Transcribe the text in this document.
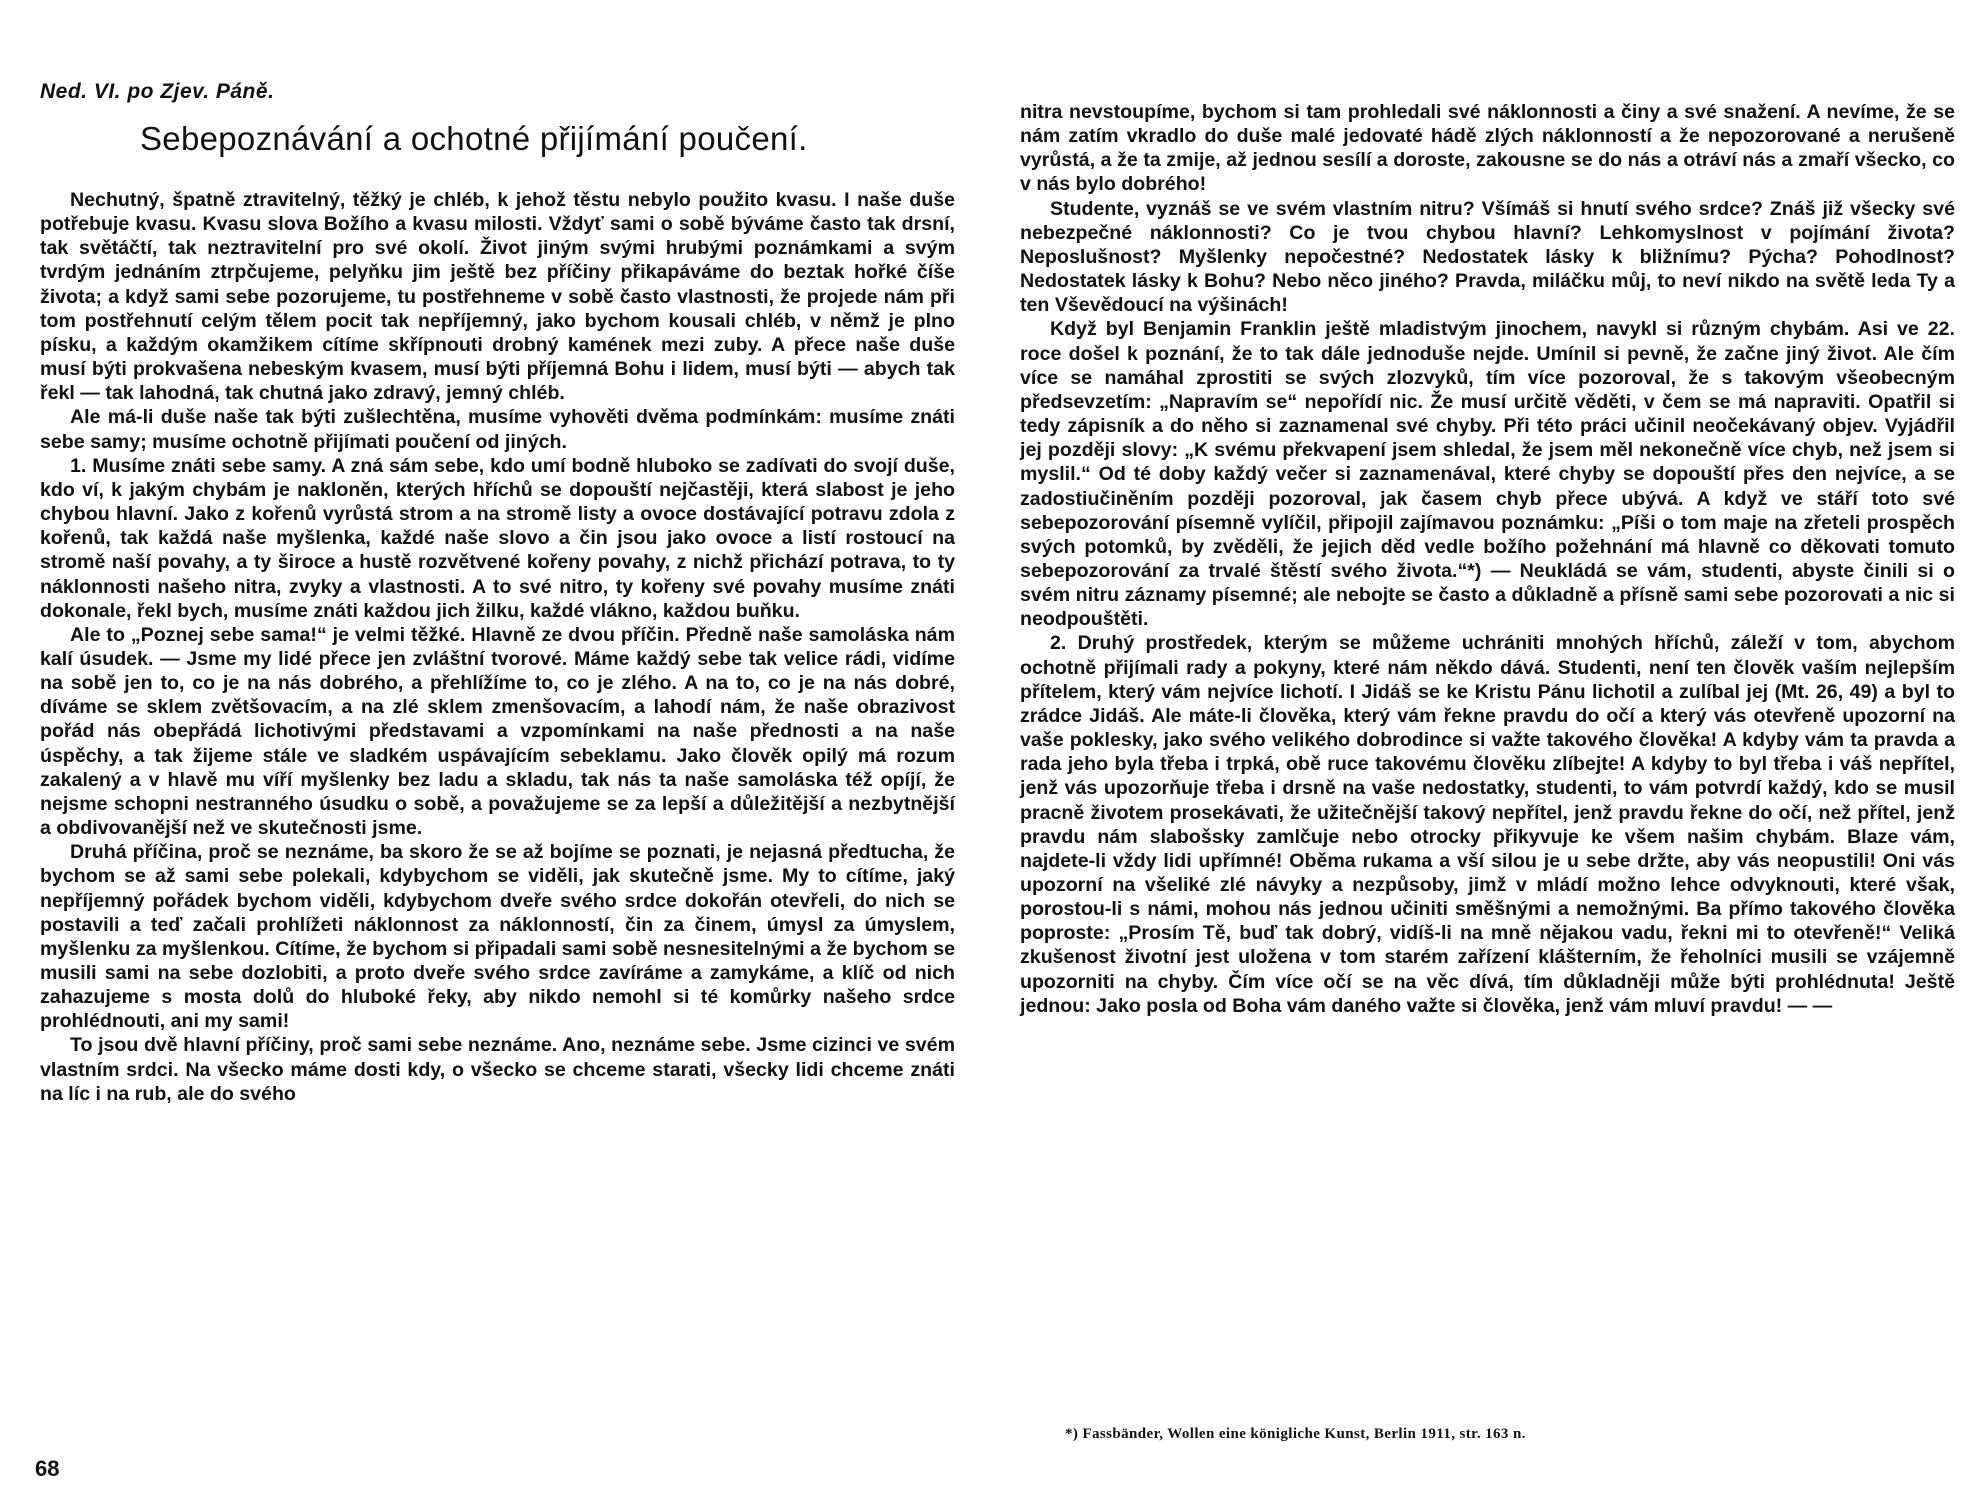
Ned. VI. po Zjev. Páně.
Sebepoznávání a ochotné přijímání poučení.

Nechutný, špatně ztravitelný, těžký je chléb, k jehož těstu nebylo použito kvasu. I naše duše potřebuje kvasu. Kvasu slova Božího a kvasu milosti. Vždyť sami o sobě býváme často tak drsní, tak světáčtí, tak neztravitelní pro své okolí. Život jiným svými hrubými poznámkami a svým tvrdým jednáním ztrpčujeme, pelyňku jim ještě bez příčiny přikapáváme do beztak hořké číše života; a když sami sebe pozorujeme, tu postřehneme v sobě často vlastnosti, že projede nám při tom postřehnutí celým tělem pocit tak nepříjemný, jako bychom kousali chléb, v němž je plno písku, a každým okamžikem cítíme skřípnouti drobný kamének mezi zuby. A přece naše duše musí býti prokvašena nebeským kvasem, musí býti příjemná Bohu i lidem, musí býti — abych tak řekl — tak lahodná, tak chutná jako zdravý, jemný chléb.

Ale má-li duše naše tak býti zušlechtěna, musíme vyhověti dvěma podmínkám: musíme znáti sebe samy; musíme ochotně přijímati poučení od jiných.

1. Musíme znáti sebe samy. A zná sám sebe, kdo umí bodně hluboko se zadívati do svojí duše, kdo ví, k jakým chybám je nakloněn, kterých hříchů se dopouští nejčastěji, která slabost je jeho chybou hlavní. Jako z kořenů vyrůstá strom a na stromě listy a ovoce dostávající potravu zdola z kořenů, tak každá naše myšlenka, každé naše slovo a čin jsou jako ovoce a listí rostoucí na stromě naší povahy, a ty široce a hustě rozvětvené kořeny povahy, z nichž přichází potrava, to ty náklonnosti našeho nitra, zvyky a vlastnosti. A to své nitro, ty kořeny své povahy musíme znáti dokonale, řekl bych, musíme znáti každou jich žilku, každé vlákno, každou buňku.

Ale to „Poznej sebe sama!“ je velmi těžké. Hlavně ze dvou příčin. Předně naše samoláska nám kalí úsudek. — Jsme my lidé přece jen zvláštní tvorové. Máme každý sebe tak velice rádi, vidíme na sobě jen to, co je na nás dobrého, a přehlížíme to, co je zlého. A na to, co je na nás dobré, díváme se sklem zvětšovacím, a na zlé sklem zmenšovacím, a lahodí nám, že naše obrazivost pořád nás obepřádá lichotivými představami a vzpomínkami na naše přednosti a na naše úspěchy, a tak žijeme stále ve sladkém uspávajícím sebeklamu. Jako člověk opilý má rozum zakalený a v hlavě mu víří myšlenky bez ladu a skladu, tak nás ta naše samoláska též opíjí, že nejsme schopni nestranného úsudku o sobě, a považujeme se za lepší a důležitější a nezbytnější a obdivovanější než ve skutečnosti jsme.

Druhá příčina, proč se neznáme, ba skoro že se až bojíme se poznati, je nejasná předtucha, že bychom se až sami sebe polekali, kdybychom se viděli, jak skutečně jsme. My to cítíme, jaký nepříjemný pořádek bychom viděli, kdybychom dveře svého srdce dokořán otevřeli, do nich se postavili a teď začali prohlížeti náklonnost za náklonností, čin za činem, úmysl za úmyslem, myšlenku za myšlenkou. Cítíme, že bychom si připadali sami sobě nesnesitelnými a že bychom se musili sami na sebe dozlobiti, a proto dveře svého srdce zavíráme a zamykáme, a klíč od nich zahazujeme s mosta dolů do hluboké řeky, aby nikdo nemohl si té komůrky našeho srdce prohlédnouti, ani my sami!

To jsou dvě hlavní příčiny, proč sami sebe neznáme. Ano, neznáme sebe. Jsme cizinci ve svém vlastním srdci. Na všecko máme dosti kdy, o všecko se chceme starati, všecky lidi chceme znáti na líc i na rub, ale do svého

68

nitra nevstoupíme, bychom si tam prohledali své náklonnosti a činy a své snažení. A nevíme, že se nám zatím vkradlo do duše malé jedovaté hádě zlých náklonností a že nepozorované a nerušeně vyrůstá, a že ta zmije, až jednou sesílí a doroste, zakousne se do nás a otráví nás a zmaří všecko, co v nás bylo dobrého!

Studente, vyznáš se ve svém vlastním nitru? Všímáš si hnutí svého srdce? Znáš již všecky své nebezpečné náklonnosti? Co je tvou chybou hlavní? Lehkomyslnost v pojímání života? Neposlušnost? Myšlenky nepočestné? Nedostatek lásky k bližnímu? Pýcha? Pohodlnost? Nedostatek lásky k Bohu? Nebo něco jiného? Pravda, miláčku můj, to neví nikdo na světě leda Ty a ten Vševědoucí na výšinách!

Když byl Benjamin Franklin ještě mladistvým jinochem, navykl si různým chybám. Asi ve 22. roce došel k poznání, že to tak dále jednoduše nejde. Umínil si pevně, že začne jiný život. Ale čím více se namáhal zprostiti se svých zlozvyků, tím více pozoroval, že s takovým všeobecným předsevzetím: „Napravím se“ nepořídí nic. Že musí určitě věděti, v čem se má napraviti. Opatřil si tedy zápisník a do něho si zaznamenal své chyby. Při této práci učinil neočekávaný objev. Vyjádřil jej později slovy: „K svému překvapení jsem shledal, že jsem měl nekonečně více chyb, než jsem si myslil.“ Od té doby každý večer si zaznamenával, které chyby se dopouští přes den nejvíce, a se zadostiučiněním později pozoroval, jak časem chyb přece ubývá. A když ve stáří toto své sebepozorování písemně vylíčil, připojil zajímavou poznámku: „Píši o tom maje na zřeteli prospěch svých potomků, by zvěděli, že jejich děd vedle božího požehnání má hlavně co děkovati tomuto sebepozorování za trvalé štěstí svého života.“*) — Neukládá se vám, studenti, abyste činili si o svém nitru záznamy písemné; ale nebojte se často a důkladně a přísně sami sebe pozorovati a nic si neodpouštěti.

2. Druhý prostředek, kterým se můžeme uchrániti mnohých hříchů, záleží v tom, abychom ochotně přijímali rady a pokyny, které nám někdo dává. Studenti, není ten člověk vaším nejlepším přítelem, který vám nejvíce lichotí. I Jidáš se ke Kristu Pánu lichotil a zulíbal jej (Mt. 26, 49) a byl to zrádce Jidáš. Ale máte-li člověka, který vám řekne pravdu do očí a který vás otevřeně upozorní na vaše poklesky, jako svého velikého dobrodince si važte takového člověka! A kdyby vám ta pravda a rada jeho byla třeba i trpká, obě ruce takovému člověku zlíbejte! A kdyby to byl třeba i váš nepřítel, jenž vás upozorňuje třeba i drsně na vaše nedostatky, studenti, to vám potvrdí každý, kdo se musil pracně životem prosekávati, že užitečnější takový nepřítel, jenž pravdu řekne do očí, než přítel, jenž pravdu nám slabošsky zamlčuje nebo otrocky přikyvuje ke všem našim chybám. Blaze vám, najdete-li vždy lidi upřímné! Oběma rukama a vší silou je u sebe držte, aby vás neopustili! Oni vás upozorní na všeliké zlé návyky a nezpůsoby, jimž v mládí možno lehce odvyknouti, které však, porostou-li s námi, mohou nás jednou učiniti směšnými a nemožnými. Ba přímo takového člověka poproste: „Prosím Tě, buď tak dobrý, vidíš-li na mně nějakou vadu, řekni mi to otevřeně!“ Veliká zkušenost životní jest uložena v tom starém zařízení klášterním, že řeholníci musili se vzájemně upozorniti na chyby. Čím více očí se na věc dívá, tím důkladněji může býti prohlédnuta! Ještě jednou: Jako posla od Boha vám daného važte si člověka, jenž vám mluví pravdu! — —

*) Fassbänder, Wollen eine königliche Kunst, Berlin 1911, str. 163 n.
